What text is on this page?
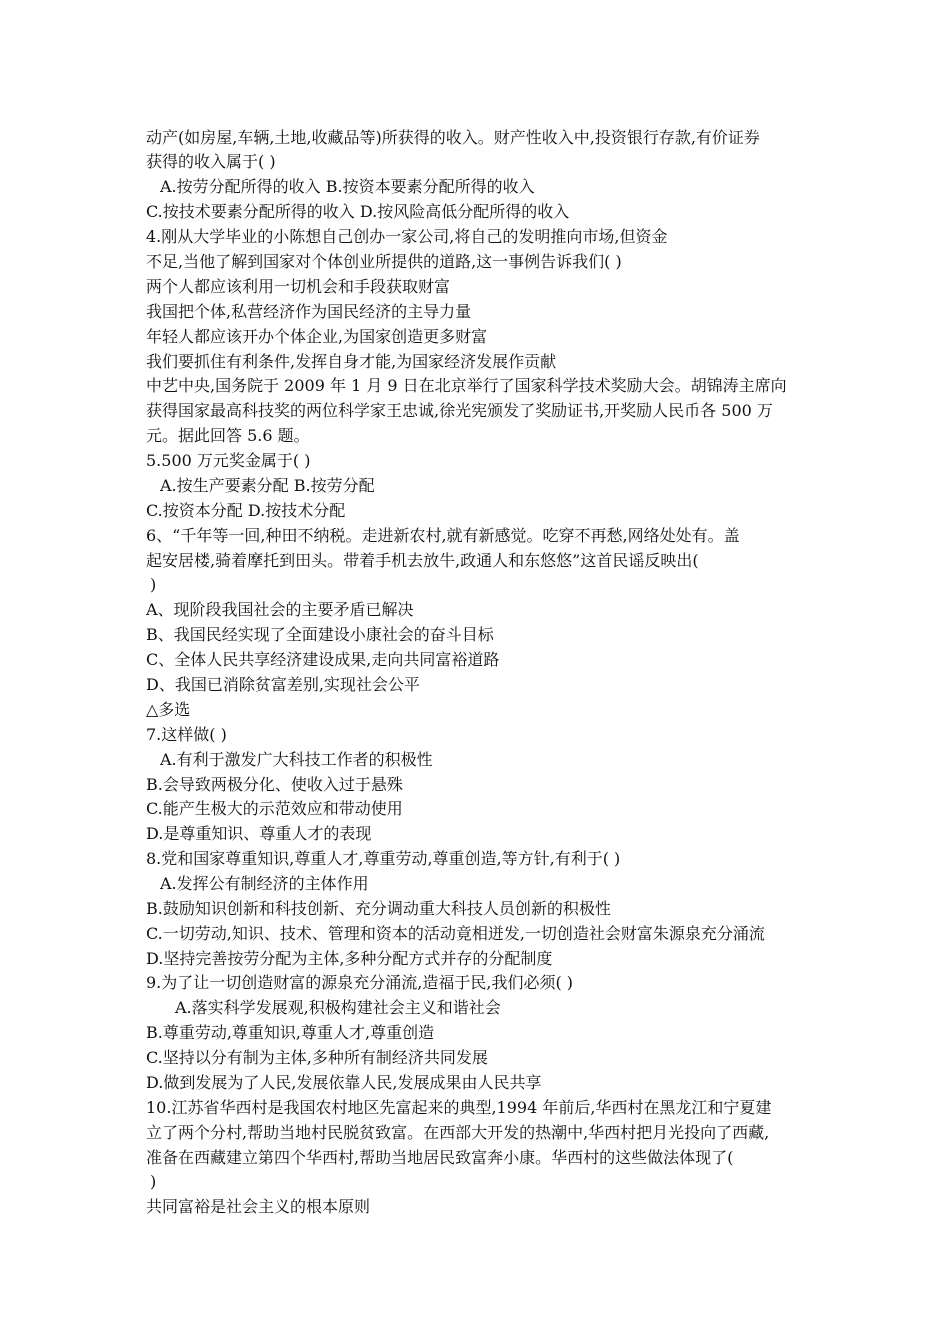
动产(如房屋,车辆,土地,收藏品等)所获得的收入。财产性收入中,投资银行存款,有价证券
获得的收入属于( )
A.按劳分配所得的收入 B.按资本要素分配所得的收入
C.按技术要素分配所得的收入 D.按风险高低分配所得的收入
4.刚从大学毕业的小陈想自己创办一家公司,将自己的发明推向市场,但资金
不足,当他了解到国家对个体创业所提供的道路,这一事例告诉我们( )
两个人都应该利用一切机会和手段获取财富
我国把个体,私营经济作为国民经济的主导力量
年轻人都应该开办个体企业,为国家创造更多财富
我们要抓住有利条件,发挥自身才能,为国家经济发展作贡献
中艺中央,国务院于 2009 年 1 月 9 日在北京举行了国家科学技术奖励大会。胡锦涛主席向
获得国家最高科技奖的两位科学家王忠诚,徐光宪颁发了奖励证书,开奖励人民币各 500 万
元。据此回答 5.6 题。
5.500 万元奖金属于( )
A.按生产要素分配 B.按劳分配
C.按资本分配 D.按技术分配
6、“千年等一回,种田不纳税。走进新农村,就有新感觉。吃穿不再愁,网络处处有。盖
起安居楼,骑着摩托到田头。带着手机去放牛,政通人和东悠悠”这首民谣反映出(
)
A、现阶段我国社会的主要矛盾已解决
B、我国民经实现了全面建设小康社会的奋斗目标
C、全体人民共享经济建设成果,走向共同富裕道路
D、我国已消除贫富差别,实现社会公平
△多选
7.这样做( )
A.有利于激发广大科技工作者的积极性
B.会导致两极分化、使收入过于悬殊
C.能产生极大的示范效应和带动使用
D.是尊重知识、尊重人才的表现
8.党和国家尊重知识,尊重人才,尊重劳动,尊重创造,等方针,有利于( )
A.发挥公有制经济的主体作用
B.鼓励知识创新和科技创新、充分调动重大科技人员创新的积极性
C.一切劳动,知识、技术、管理和资本的活动竟相迸发,一切创造社会财富朱源泉充分涌流
D.坚持完善按劳分配为主体,多种分配方式并存的分配制度
9.为了让一切创造财富的源泉充分涌流,造福于民,我们必须( )
A.落实科学发展观,积极构建社会主义和谐社会
B.尊重劳动,尊重知识,尊重人才,尊重创造
C.坚持以分有制为主体,多种所有制经济共同发展
D.做到发展为了人民,发展依靠人民,发展成果由人民共享
10.江苏省华西村是我国农村地区先富起来的典型,1994 年前后,华西村在黑龙江和宁夏建
立了两个分村,帮助当地村民脱贫致富。在西部大开发的热潮中,华西村把月光投向了西藏,
准备在西藏建立第四个华西村,帮助当地居民致富奔小康。华西村的这些做法体现了(
)
共同富裕是社会主义的根本原则
